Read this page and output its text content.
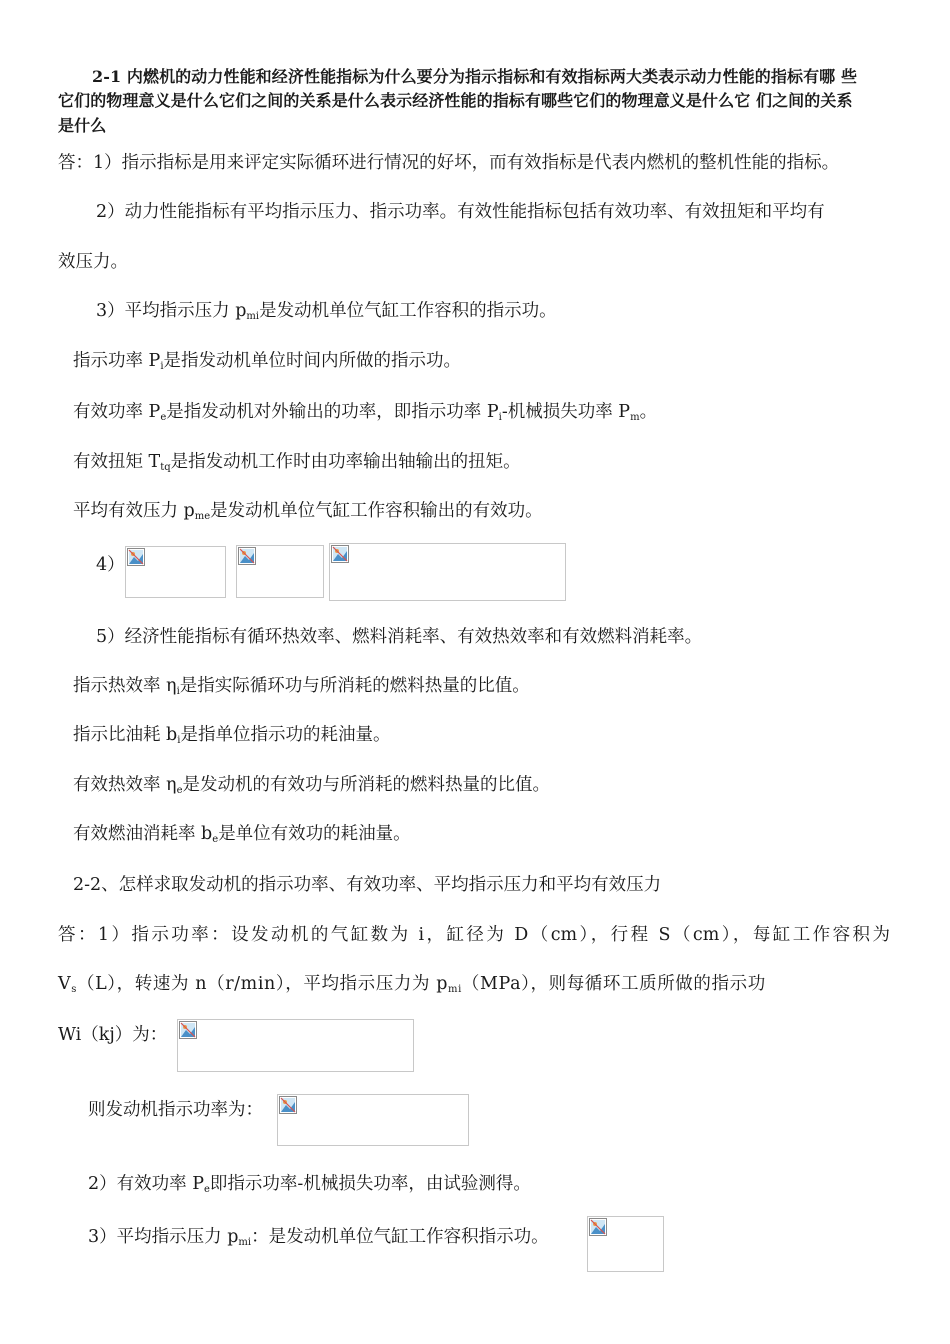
2-1 内燃机的动力性能和经济性能指标为什么要分为指示指标和有效指标两大类表示动力性能的指标有哪 些
它们的物理意义是什么它们之间的关系是什么表示经济性能的指标有哪些它们的物理意义是什么它 们之间的关系
是什么
答：1）指示指标是用来评定实际循环进行情况的好坏，而有效指标是代表内燃机的整机性能的指标。
2）动力性能指标有平均指示压力、指示功率。有效性能指标包括有效功率、有效扭矩和平均有
效压力。
3）平均指示压力 $p_{mi}$是发动机单位气缸工作容积的指示功。
指示功率 $P_i$是指发动机单位时间内所做的指示功。
有效功率 $P_e$是指发动机对外输出的功率，即指示功率 $P_i-$机械损失功率 $P_m$。
有效扭矩 $T_{tq}$是指发动机工作时由功率输出轴输出的扭矩。
平均有效压力 $p_{me}$是发动机单位气缸工作容积输出的有效功。
4）
5）经济性能指标有循环热效率、燃料消耗率、有效热效率和有效燃料消耗率。
指示热效率 $\eta_i$是指实际循环功与所消耗的燃料热量的比值。
指示比油耗 $b_i$是指单位指示功的耗油量。
有效热效率 $\eta_e$是发动机的有效功与所消耗的燃料热量的比值。
有效燃油消耗率 $b_e$是单位有效功的耗油量。
2-2、怎样求取发动机的指示功率、有效功率、平均指示压力和平均有效压力
答：1）指示功率：设发动机的气缸数为 i，缸径为 D（cm），行程 S（cm），每缸工作容积为
$V_s(L)$，转速为 n（r/min），平均指示压力为 $p_{mi}(MPa)$，则每循环工质所做的指示功
Wi（kj）为：
则发动机指示功率为：
2）有效功率 $P_e$即指示功率-机械损失功率，由试验测得。
3）平均指示压力 $p_{mi}$：是发动机单位气缸工作容积指示功。
